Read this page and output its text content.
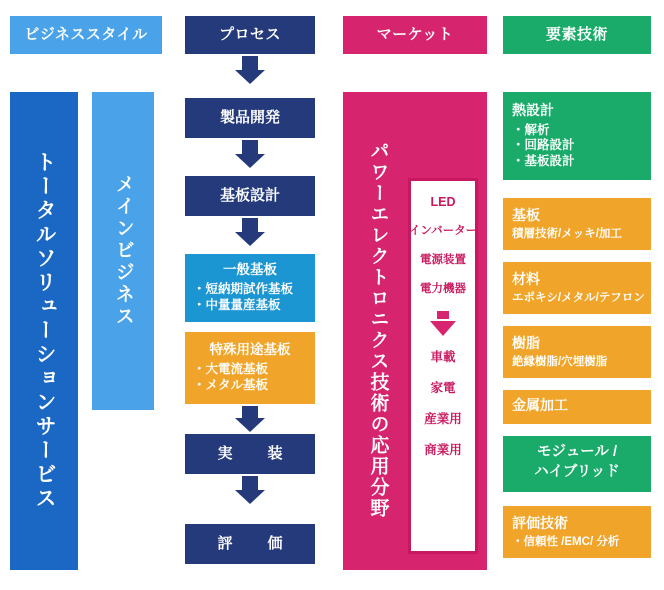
ビジネススタイル	プロセス	マーケット	要素技術
トータルソリューションサービス	メインビジネス
製品開発
基板設計
一般基板
・短納期試作基板
・中量量産基板
特殊用途基板
・大電流基板
・メタル基板
実　装
評　価
パワーエレクトロニクス技術の応用分野	LED
インバーター
電源装置
電力機器
車載
家電
産業用
商業用
熱設計
・解析
・回路設計
・基板設計
基板
積層技術/メッキ/加工
材料
エポキシ/メタル/テフロン
樹脂
絶縁樹脂/穴埋樹脂
金属加工
モジュール /
ハイブリッド
評価技術
・信頼性 /EMC/ 分析
